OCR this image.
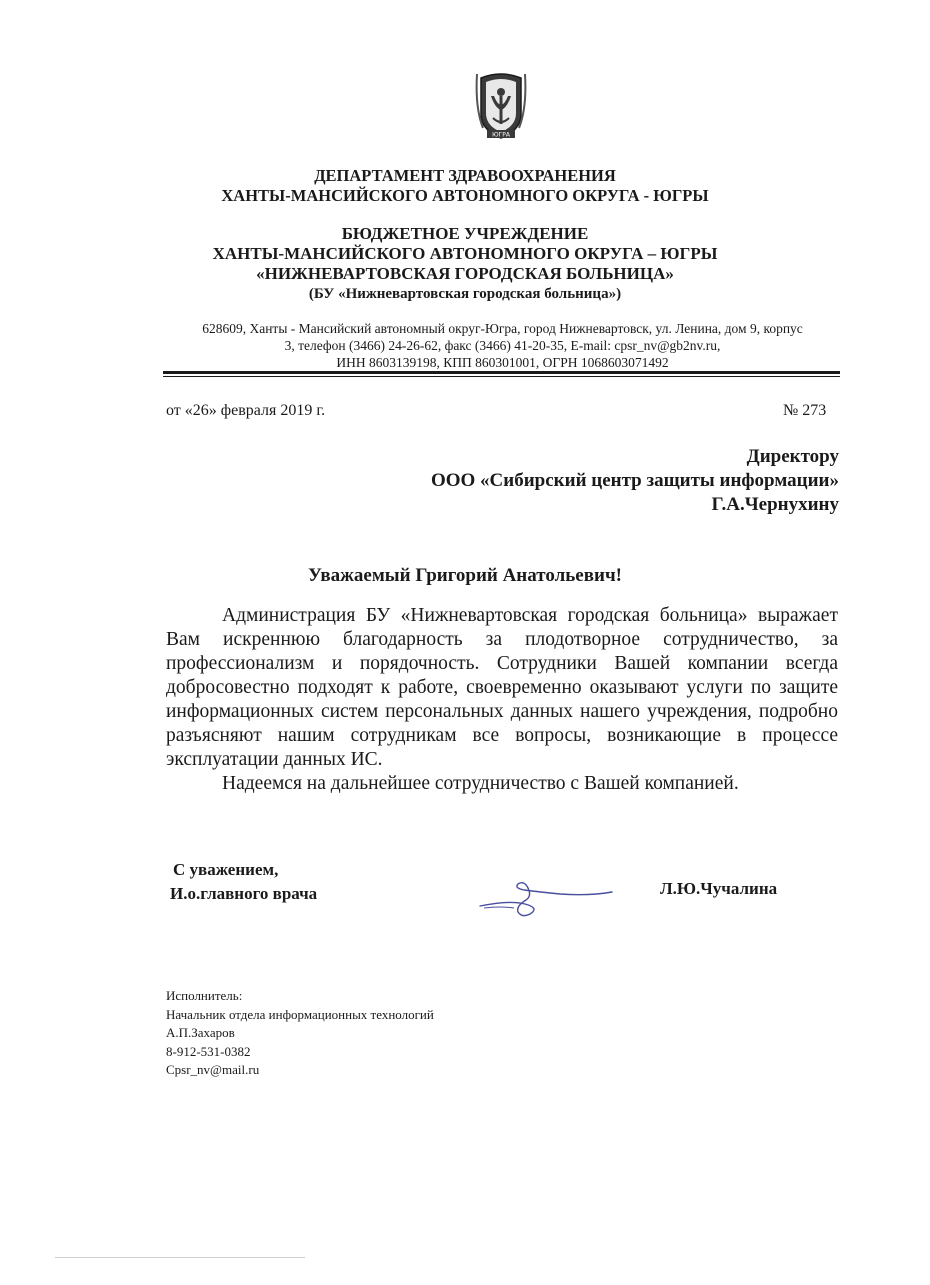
ЮГРА
ДЕПАРТАМЕНТ ЗДРАВООХРАНЕНИЯ
ХАНТЫ-МАНСИЙСКОГО АВТОНОМНОГО ОКРУГА - ЮГРЫ
БЮДЖЕТНОЕ УЧРЕЖДЕНИЕ
ХАНТЫ-МАНСИЙСКОГО АВТОНОМНОГО ОКРУГА – ЮГРЫ
«НИЖНЕВАРТОВСКАЯ ГОРОДСКАЯ БОЛЬНИЦА»
(БУ «Нижневартовская городская больница»)
628609, Ханты - Мансийский автономный округ-Югра, город Нижневартовск, ул. Ленина, дом 9, корпус
3, телефон (3466) 24-26-62, факс (3466) 41-20-35, E-mail: cpsr_nv@gb2nv.ru,
ИНН 8603139198, КПП 860301001, ОГРН 1068603071492
от «26» февраля 2019 г.	№ 273
Директору
ООО «Сибирский центр защиты информации»
Г.А.Чернухину
Уважаемый Григорий Анатольевич!

Администрация БУ «Нижневартовская городская больница» выражает Вам искреннюю благодарность за плодотворное сотрудничество, за профессионализм и порядочность. Сотрудники Вашей компании всегда добросовестно подходят к работе, своевременно оказывают услуги по защите информационных систем персональных данных нашего учреждения, подробно разъясняют нашим сотрудникам все вопросы, возникающие в процессе эксплуатации данных ИС.

Надеемся на дальнейшее сотрудничество с Вашей компанией.

С уважением,
И.о.главного врача	Л.Ю.Чучалина
Исполнитель:
Начальник отдела информационных технологий
А.П.Захаров
8-912-531-0382
Cpsr_nv@mail.ru
